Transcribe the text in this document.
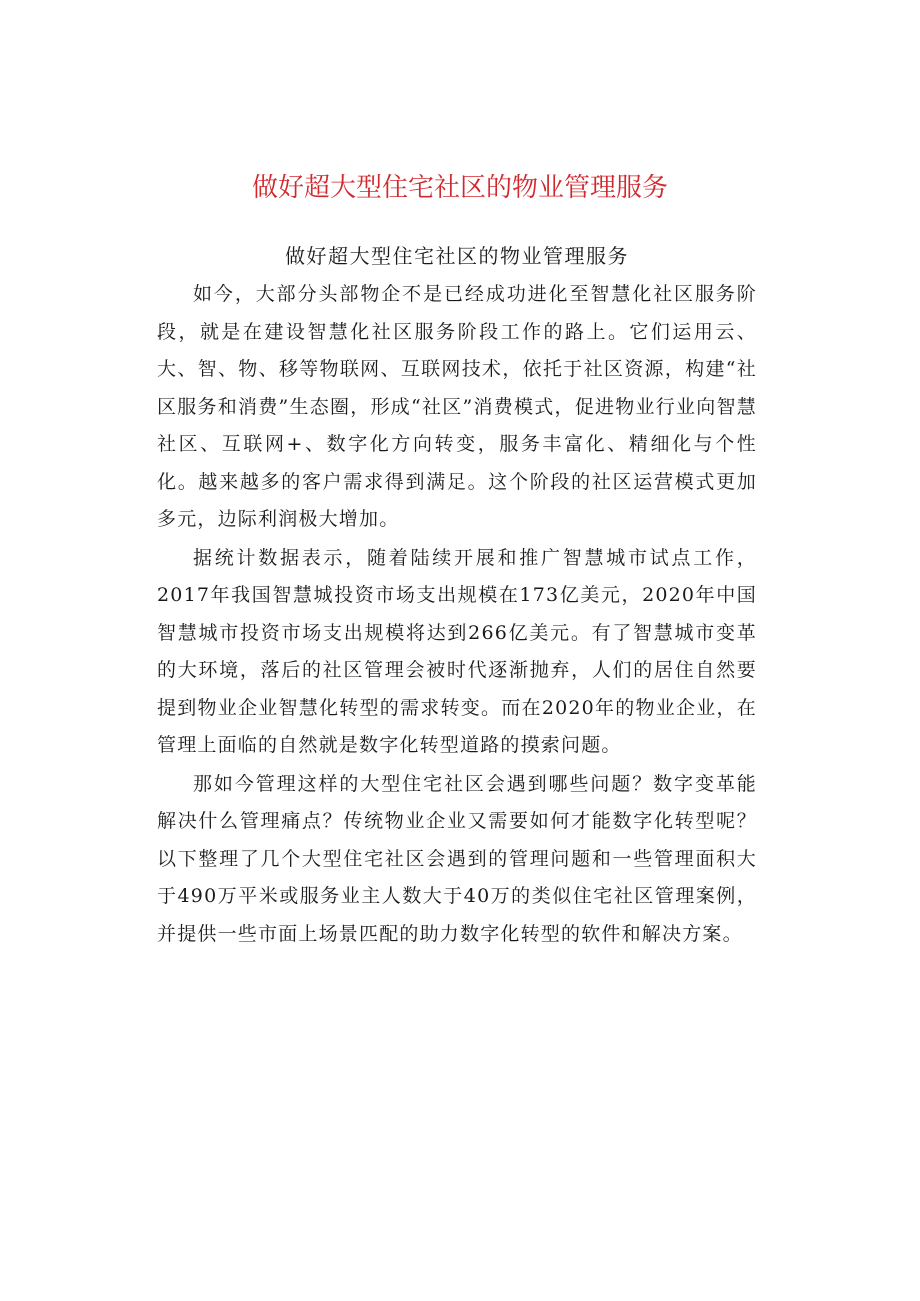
做好超大型住宅社区的物业管理服务
做好超大型住宅社区的物业管理服务

如今，大部分头部物企不是已经成功进化至智慧化社区服务阶段，就是在建设智慧化社区服务阶段工作的路上。它们运用云、大、智、物、移等物联网、互联网技术，依托于社区资源，构建“社区服务和消费”生态圈，形成“社区”消费模式，促进物业行业向智慧社区、互联网+、数字化方向转变，服务丰富化、精细化与个性化。越来越多的客户需求得到满足。这个阶段的社区运营模式更加多元，边际利润极大增加。

据统计数据表示，随着陆续开展和推广智慧城市试点工作，2017年我国智慧城投资市场支出规模在173亿美元，2020年中国智慧城市投资市场支出规模将达到266亿美元。有了智慧城市变革的大环境，落后的社区管理会被时代逐渐抛弃，人们的居住自然要提到物业企业智慧化转型的需求转变。而在2020年的物业企业，在管理上面临的自然就是数字化转型道路的摸索问题。

那如今管理这样的大型住宅社区会遇到哪些问题？数字变革能解决什么管理痛点？传统物业企业又需要如何才能数字化转型呢？以下整理了几个大型住宅社区会遇到的管理问题和一些管理面积大于490万平米或服务业主人数大于40万的类似住宅社区管理案例，并提供一些市面上场景匹配的助力数字化转型的软件和解决方案。
